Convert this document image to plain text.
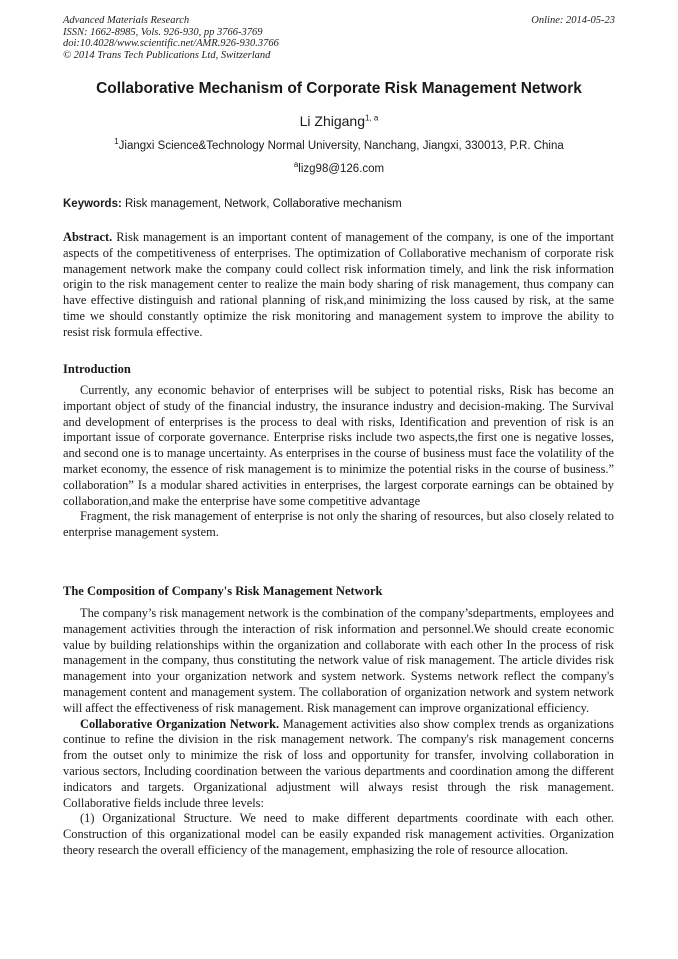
Advanced Materials Research
ISSN: 1662-8985, Vols. 926-930, pp 3766-3769
doi:10.4028/www.scientific.net/AMR.926-930.3766
© 2014 Trans Tech Publications Ltd, Switzerland
Online: 2014-05-23
Collaborative Mechanism of Corporate Risk Management Network
Li Zhigang$^{1, a}$
$^1$Jiangxi Science&Technology Normal University, Nanchang, Jiangxi, 330013, P.R. China
$^a$lizg98@126.com
Keywords: Risk management, Network, Collaborative mechanism

Abstract. Risk management is an important content of management of the company, is one of the important aspects of the competitiveness of enterprises. The optimization of Collaborative mechanism of corporate risk management network make the company could collect risk information timely, and link the risk information origin to the risk management center to realize the main body sharing of risk management, thus company can have effective distinguish and rational planning of risk,and minimizing the loss caused by risk, at the same time we should constantly optimize the risk monitoring and management system to improve the ability to resist risk formula effective.

Introduction

Currently, any economic behavior of enterprises will be subject to potential risks, Risk has become an important object of study of the financial industry, the insurance industry and decision-making. The Survival and development of enterprises is the process to deal with risks, Identification and prevention of risk is an important issue of corporate governance. Enterprise risks include two aspects,the first one is negative losses, and second one is to manage uncertainty. As enterprises in the course of business must face the volatility of the market economy, the essence of risk management is to minimize the potential risks in the course of business.” collaboration” Is a modular shared activities in enterprises, the largest corporate earnings can be obtained by collaboration,and make the enterprise have some competitive advantage

Fragment, the risk management of enterprise is not only the sharing of resources, but also closely related to enterprise management system.

The Composition of Company's Risk Management Network

The company’s risk management network is the combination of the company’sdepartments, employees and management activities through the interaction of risk information and personnel.We should create economic value by building relationships within the organization and collaborate with each other In the process of risk management in the company, thus constituting the network value of risk management. The article divides risk management into your organization network and system network. Systems network reflect the company's management content and management system. The collaboration of organization network and system network will affect the effectiveness of risk management. Risk management can improve organizational efficiency.

Collaborative Organization Network. Management activities also show complex trends as organizations continue to refine the division in the risk management network. The company's risk management concerns from the outset only to minimize the risk of loss and opportunity for transfer, involving collaboration in various sectors, Including coordination between the various departments and coordination among the different indicators and targets. Organizational adjustment will always resist through the risk management. Collaborative fields include three levels:

(1) Organizational Structure. We need to make different departments coordinate with each other. Construction of this organizational model can be easily expanded risk management activities. Organization theory research the overall efficiency of the management, emphasizing the role of resource allocation.
